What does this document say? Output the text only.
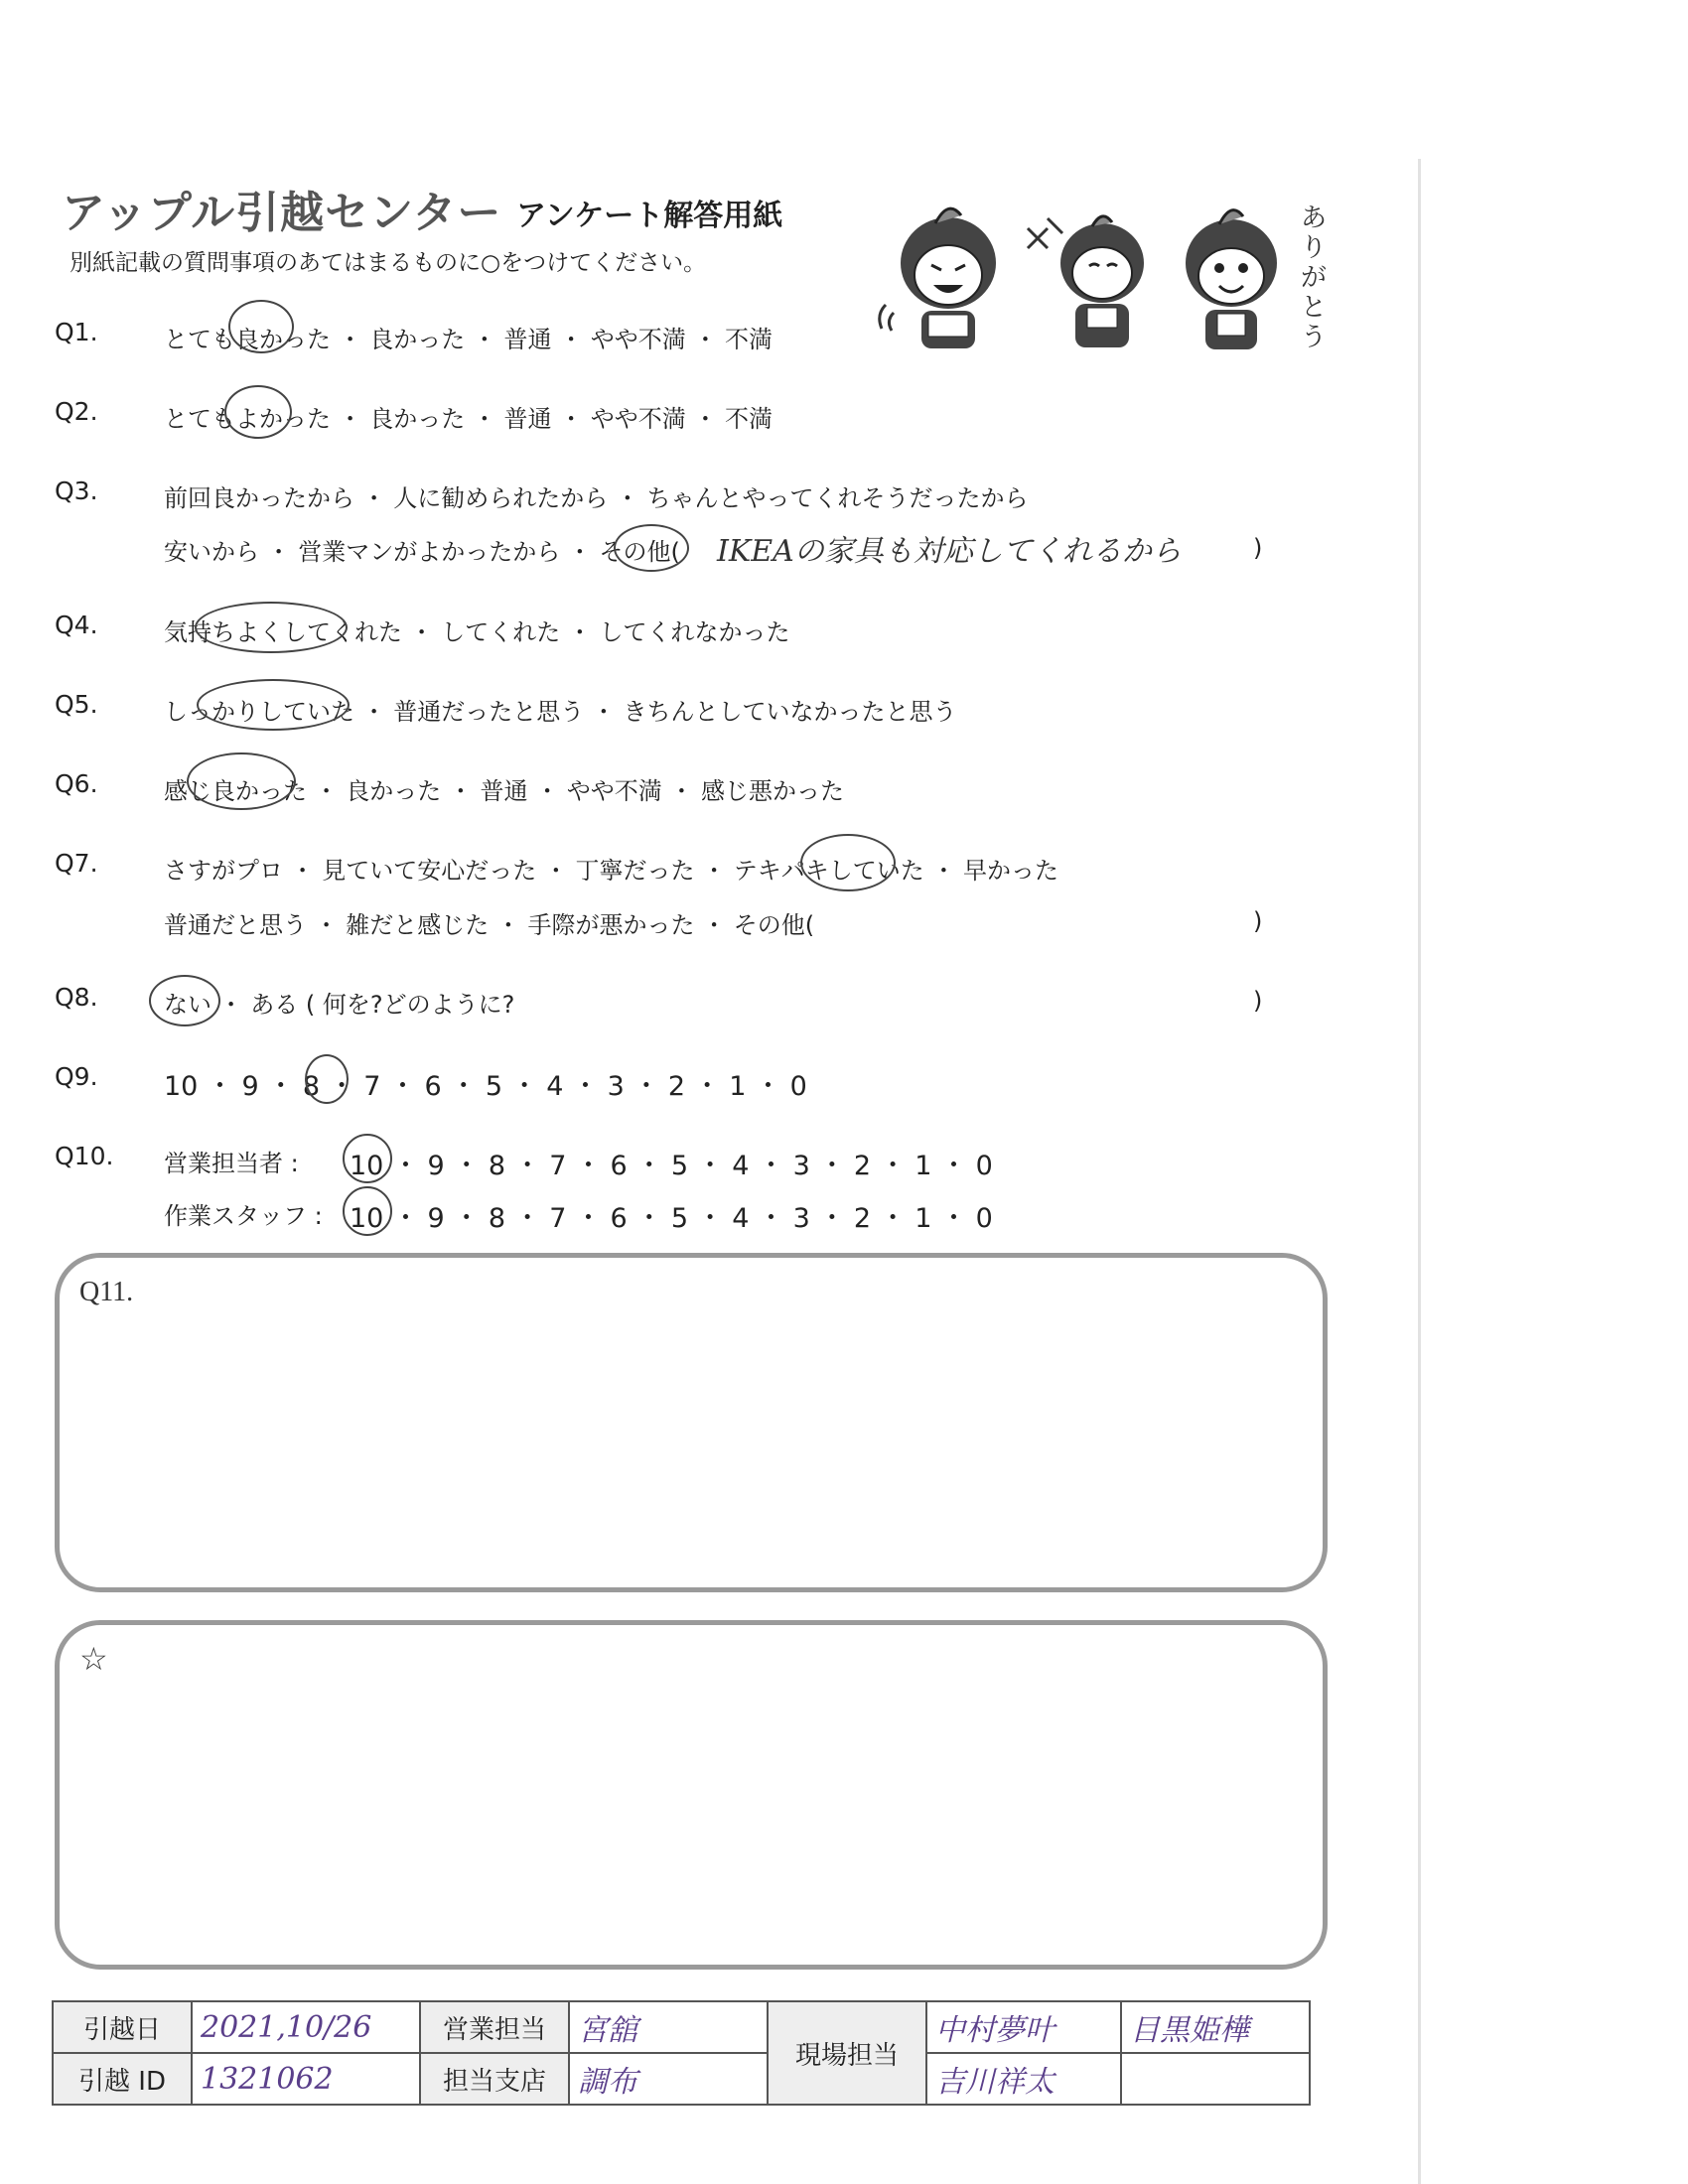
アップル引越センター アンケート解答用紙
別紙記載の質問事項のあてはまるものに○をつけてください。
ありがとう
Q1.	とても良かった ・ 良かった ・ 普通 ・ やや不満 ・ 不満
Q2.	とてもよかった ・ 良かった ・ 普通 ・ やや不満 ・ 不満
Q3.	前回良かったから ・ 人に勧められたから ・ ちゃんとやってくれそうだったから
安いから ・ 営業マンがよかったから ・ その他( IKEAの家具も対応してくれるから	)
Q4.	気持ちよくしてくれた ・ してくれた ・ してくれなかった
Q5.	しっかりしていた ・ 普通だったと思う ・ きちんとしていなかったと思う
Q6.	感じ良かった ・ 良かった ・ 普通 ・ やや不満 ・ 感じ悪かった
Q7.	さすがプロ ・ 見ていて安心だった ・ 丁寧だった ・ テキパキしていた ・ 早かった
普通だと思う ・ 雑だと感じた ・ 手際が悪かった ・ その他(	)
Q8.	ない ・ ある ( 何を?どのように?	)
Q9. 10 ・ 9 ・ 8 ・ 7 ・ 6 ・ 5 ・ 4 ・ 3 ・ 2 ・ 1 ・ 0
Q10. 営業担当者 : 10 ・ 9 ・ 8 ・ 7 ・ 6 ・ 5 ・ 4 ・ 3 ・ 2 ・ 1 ・ 0
作業スタッフ : 10 ・ 9 ・ 8 ・ 7 ・ 6 ・ 5 ・ 4 ・ 3 ・ 2 ・ 1 ・ 0
Q11.
☆
引越日	2021,10/26	営業担当	宮舘	現場担当	中村夢叶	目黒姫樺
引越 ID	1321062	担当支店	調布		吉川祥太	
